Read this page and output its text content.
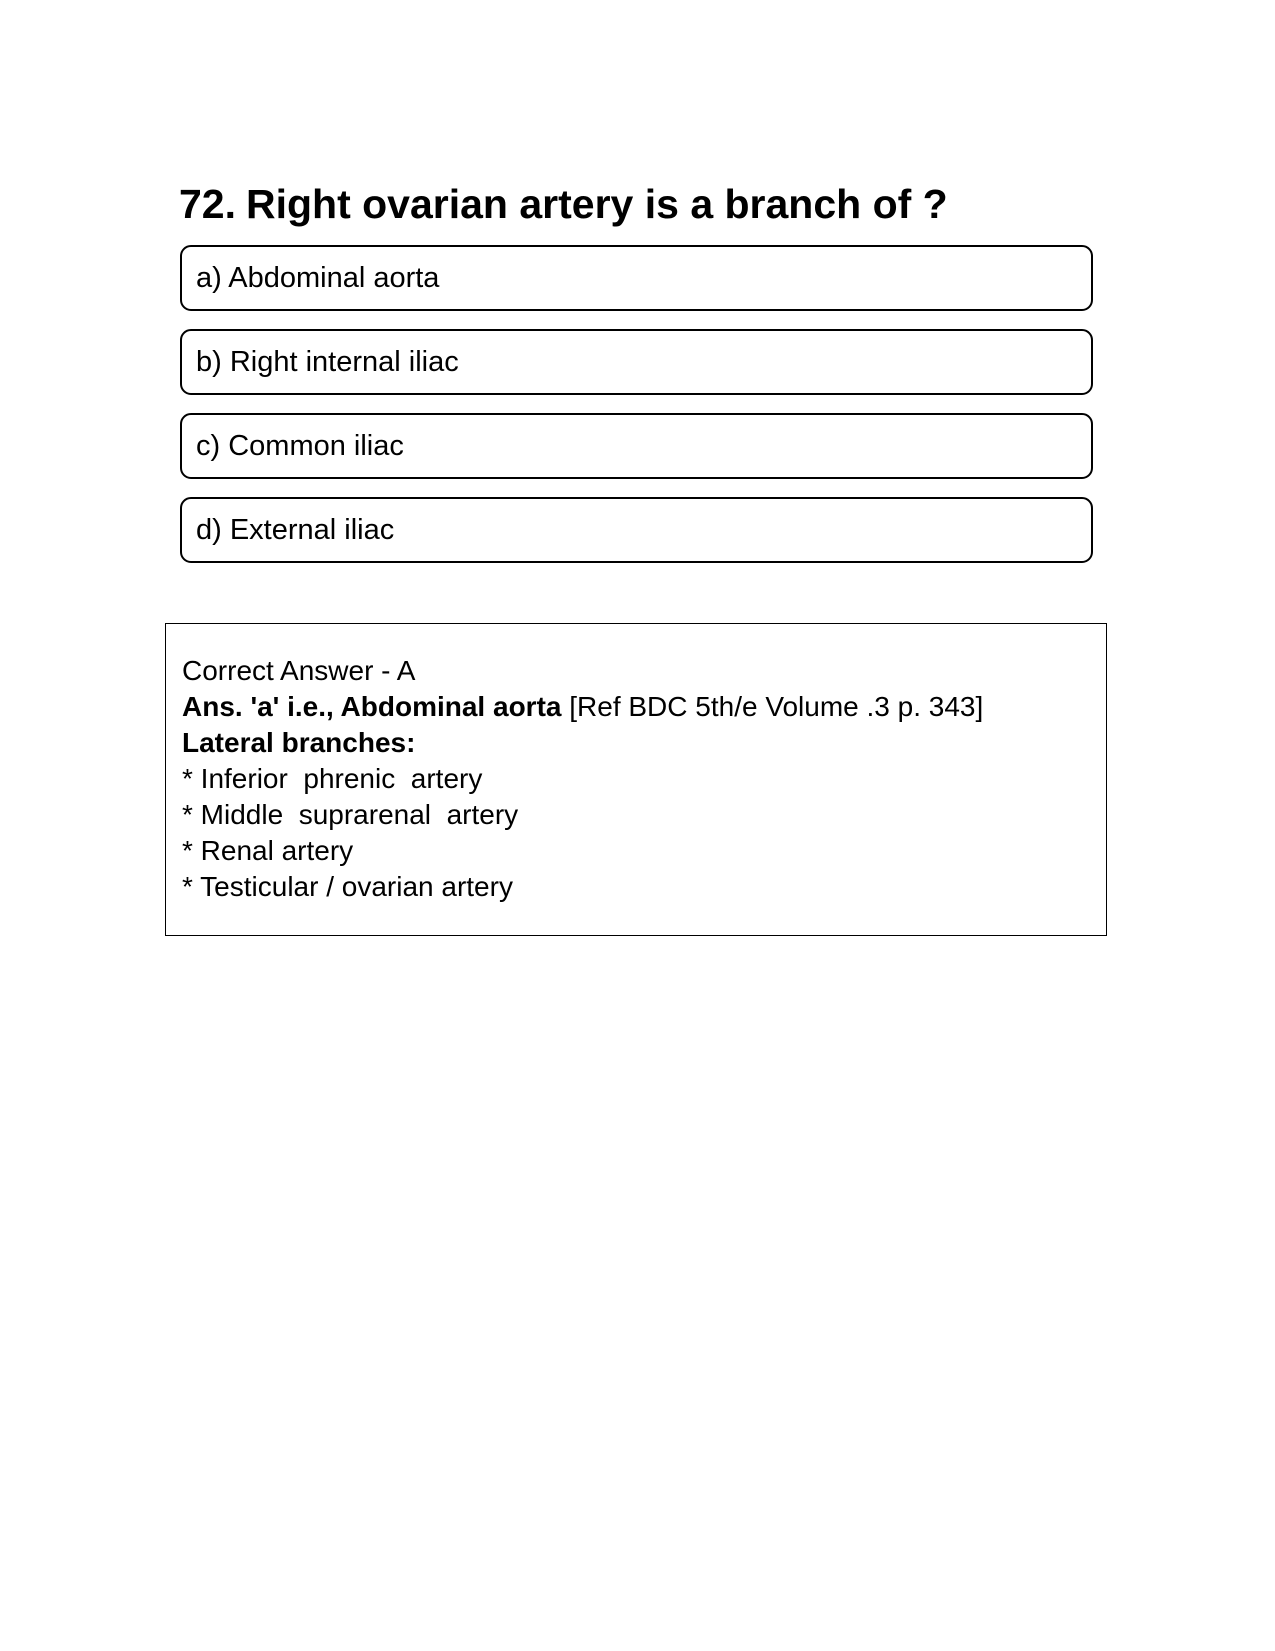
72. Right ovarian artery is a branch of ?
a) Abdominal aorta
b) Right internal iliac
c) Common iliac
d) External iliac
Correct Answer - A
Ans. 'a' i.e., Abdominal aorta [Ref BDC 5th/e Volume .3 p. 343]
Lateral branches:
* Inferior  phrenic  artery
* Middle  suprarenal  artery
* Renal artery
* Testicular / ovarian artery
